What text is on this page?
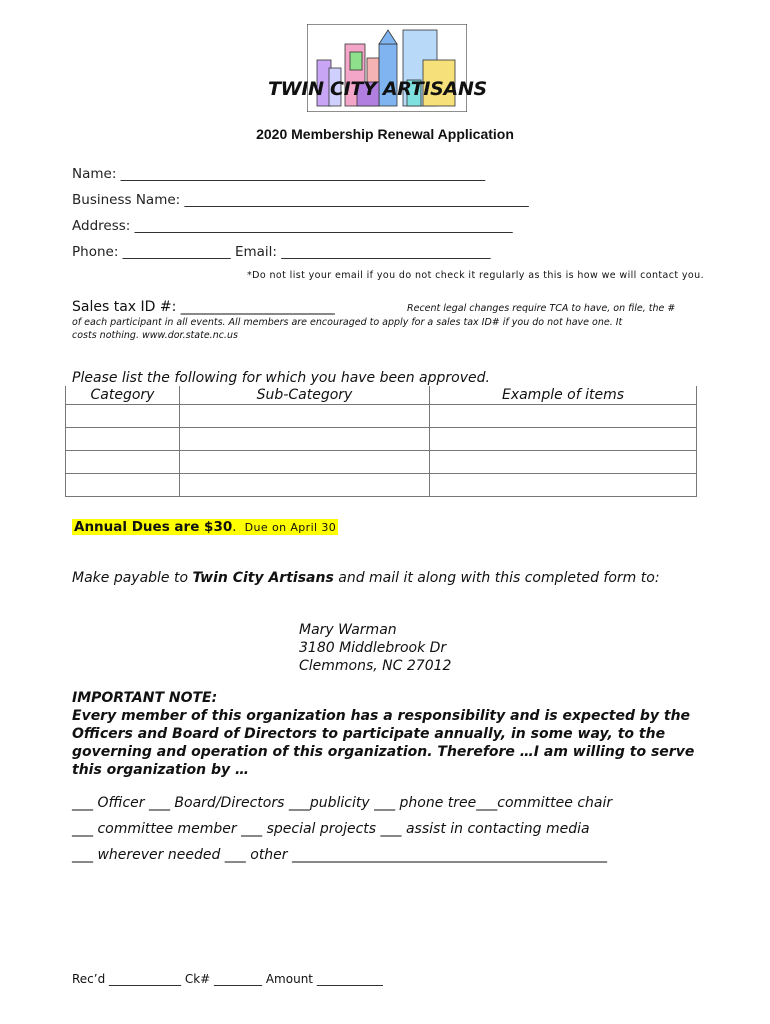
TWIN CITY ARTISANS
2020 Membership Renewal Application
Name: ______________________________________________________
Business Name: ___________________________________________________
Address: ________________________________________________________
Phone: ________________ Email: _______________________________
*Do not list your email if you do not check it regularly as this is how we will contact you.
Sales tax ID #: ______________________	Recent legal changes require TCA to have, on file, the #
of each participant in all events. All members are encouraged to apply for a sales tax ID# if you do not have one. It
costs nothing. www.dor.state.nc.us
Please list the following for which you have been approved.
Category	Sub-Category	Example of items

Annual Dues are $30. Due on April 30
Make payable to Twin City Artisans and mail it along with this completed form to:
Mary Warman
3180 Middlebrook Dr
Clemmons, NC 27012
IMPORTANT NOTE:
Every member of this organization has a responsibility and is expected by the
Officers and Board of Directors to participate annually, in some way, to the
governing and operation of this organization. Therefore …I am willing to serve
this organization by …
___ Officer ___ Board/Directors ___publicity ___ phone tree___committee chair
___ committee member ___ special projects ___ assist in contacting media
___ wherever needed ___ other _____________________________________________
Rec’d ____________ Ck# ________ Amount ___________
